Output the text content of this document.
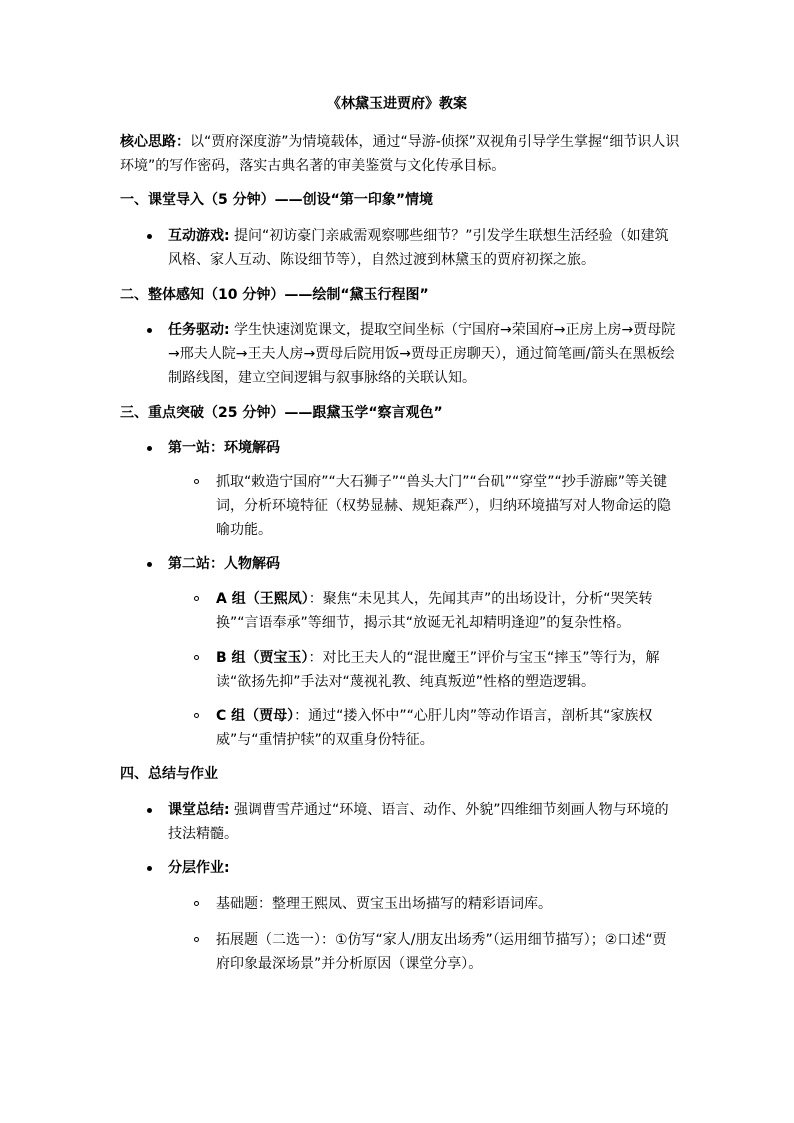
《林黛玉进贾府》教案
核心思路：以“贾府深度游”为情境载体，通过“导游-侦探”双视角引导学生掌握“细节识人识环境”的写作密码，落实古典名著的审美鉴赏与文化传承目标。
一、课堂导入（5 分钟）——创设“第一印象”情境
互动游戏: 提问“初访豪门亲戚需观察哪些细节？”引发学生联想生活经验（如建筑风格、家人互动、陈设细节等），自然过渡到林黛玉的贾府初探之旅。
二、整体感知（10 分钟）——绘制“黛玉行程图”
任务驱动: 学生快速浏览课文，提取空间坐标（宁国府→荣国府→正房上房→贾母院→邢夫人院→王夫人房→贾母后院用饭→贾母正房聊天），通过简笔画/箭头在黑板绘制路线图，建立空间逻辑与叙事脉络的关联认知。
三、重点突破（25 分钟）——跟黛玉学“察言观色”
第一站：环境解码
抓取“敕造宁国府”“大石狮子”“兽头大门”“台矶”“穿堂”“抄手游廊”等关键词，分析环境特征（权势显赫、规矩森严），归纳环境描写对人物命运的隐喻功能。
第二站：人物解码
A 组（王熙凤）：聚焦“未见其人，先闻其声”的出场设计，分析“哭笑转换”“言语奉承”等细节，揭示其“放诞无礼却精明逢迎”的复杂性格。
B 组（贾宝玉）：对比王夫人的“混世魔王”评价与宝玉“摔玉”等行为，解读“欲扬先抑”手法对“蔑视礼教、纯真叛逆”性格的塑造逻辑。
C 组（贾母）：通过“搂入怀中”“心肝儿肉”等动作语言，剖析其“家族权威”与“重情护犊”的双重身份特征。
四、总结与作业
课堂总结: 强调曹雪芹通过“环境、语言、动作、外貌”四维细节刻画人物与环境的技法精髓。
分层作业:
基础题：整理王熙凤、贾宝玉出场描写的精彩语词库。
拓展题（二选一）：①仿写“家人/朋友出场秀”（运用细节描写）；②口述“贾府印象最深场景”并分析原因（课堂分享）。
